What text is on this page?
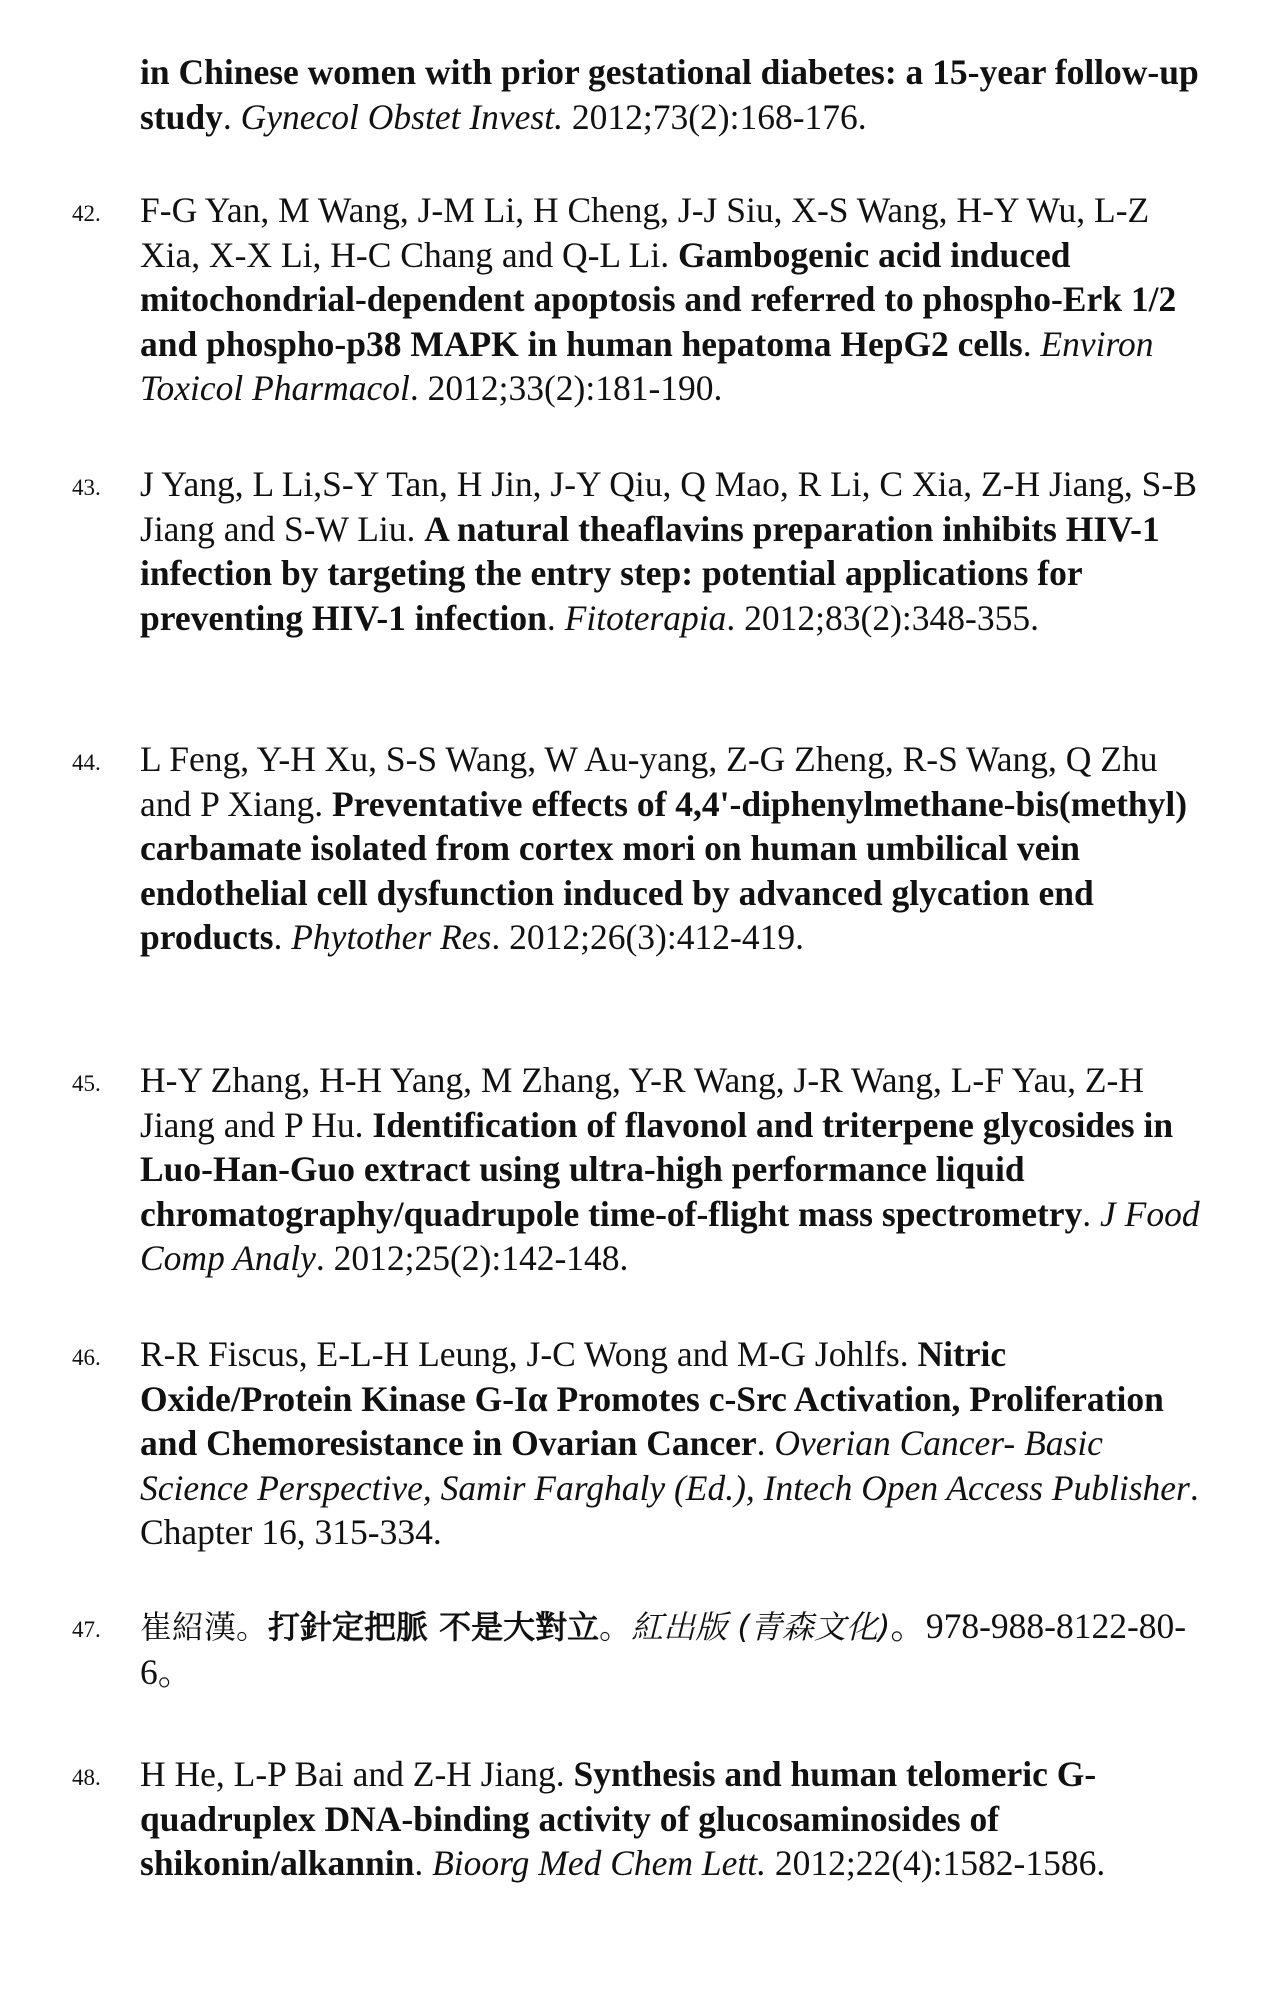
in Chinese women with prior gestational diabetes: a 15-year follow-up study. Gynecol Obstet Invest. 2012;73(2):168-176.
42. F-G Yan, M Wang, J-M Li, H Cheng, J-J Siu, X-S Wang, H-Y Wu, L-Z Xia, X-X Li, H-C Chang and Q-L Li. Gambogenic acid induced mitochondrial-dependent apoptosis and referred to phospho-Erk 1/2 and phospho-p38 MAPK in human hepatoma HepG2 cells. Environ Toxicol Pharmacol. 2012;33(2):181-190.
43. J Yang, L Li,S-Y Tan, H Jin, J-Y Qiu, Q Mao, R Li, C Xia, Z-H Jiang, S-B Jiang and S-W Liu. A natural theaflavins preparation inhibits HIV-1 infection by targeting the entry step: potential applications for preventing HIV-1 infection. Fitoterapia. 2012;83(2):348-355.
44. L Feng, Y-H Xu, S-S Wang, W Au-yang, Z-G Zheng, R-S Wang, Q Zhu and P Xiang. Preventative effects of 4,4'-diphenylmethane-bis(methyl) carbamate isolated from cortex mori on human umbilical vein endothelial cell dysfunction induced by advanced glycation end products. Phytother Res. 2012;26(3):412-419.
45. H-Y Zhang, H-H Yang, M Zhang, Y-R Wang, J-R Wang, L-F Yau, Z-H Jiang and P Hu. Identification of flavonol and triterpene glycosides in Luo-Han-Guo extract using ultra-high performance liquid chromatography/quadrupole time-of-flight mass spectrometry. J Food Comp Analy. 2012;25(2):142-148.
46. R-R Fiscus, E-L-H Leung, J-C Wong and M-G Johlfs. Nitric Oxide/Protein Kinase G-Iα Promotes c-Src Activation, Proliferation and Chemoresistance in Ovarian Cancer. Overian Cancer- Basic Science Perspective, Samir Farghaly (Ed.), Intech Open Access Publisher. Chapter 16, 315-334.
47. 崔紹漢。打針定把脈 不是大對立。紅出版 (青森文化)。978-988-8122-80-6。
48. H He, L-P Bai and Z-H Jiang. Synthesis and human telomeric G-quadruplex DNA-binding activity of glucosaminosides of shikonin/alkannin. Bioorg Med Chem Lett. 2012;22(4):1582-1586.
